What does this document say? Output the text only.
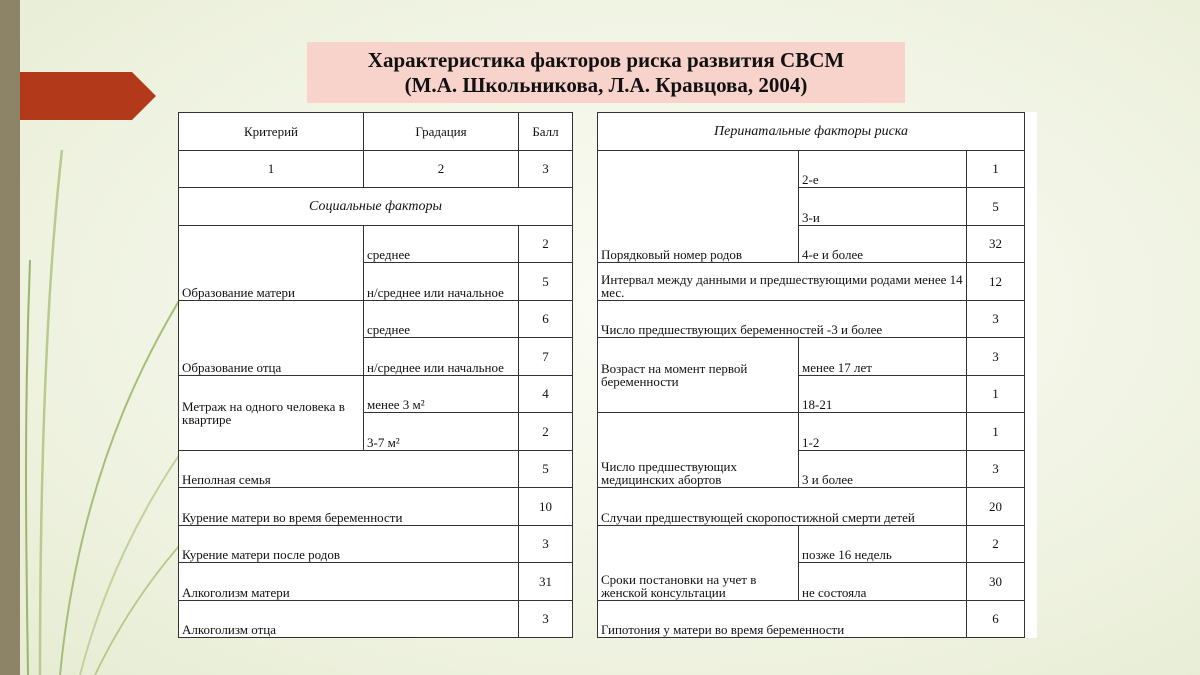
Характеристика факторов риска развития СВСМ
(М.А. Школьникова, Л.А. Кравцова, 2004)
Критерий	Градация	Балл
1	2	3
Социальные факторы		
Образование матери	среднее	2
	н/среднее или начальное	5
Образование отца	среднее	6
	н/среднее или начальное	7
Метраж на одного человека в квартире	менее 3 м²	4
	3-7 м²	2
Неполная семья		5
Курение матери во время беременности		10
Курение матери после родов		3
Алкоголизм матери		31
Алкоголизм отца		3
Перинатальные факторы риска		
Порядковый номер родов	2-е	1
	3-и	5
	4-е и более	32
Интервал между данными и предшествующими родами менее 14 мес.		12
Число предшествующих беременностей -3 и более		3
Возраст на момент первой беременности	менее 17 лет	3
	18-21	1
Число предшествующих медицинских абортов	1-2	1
	3 и более	3
Случаи предшествующей скоропостижной смерти детей		20
Сроки постановки на учет в женской консультации	позже 16 недель	2
	не состояла	30
Гипотония у матери во время беременности		6
